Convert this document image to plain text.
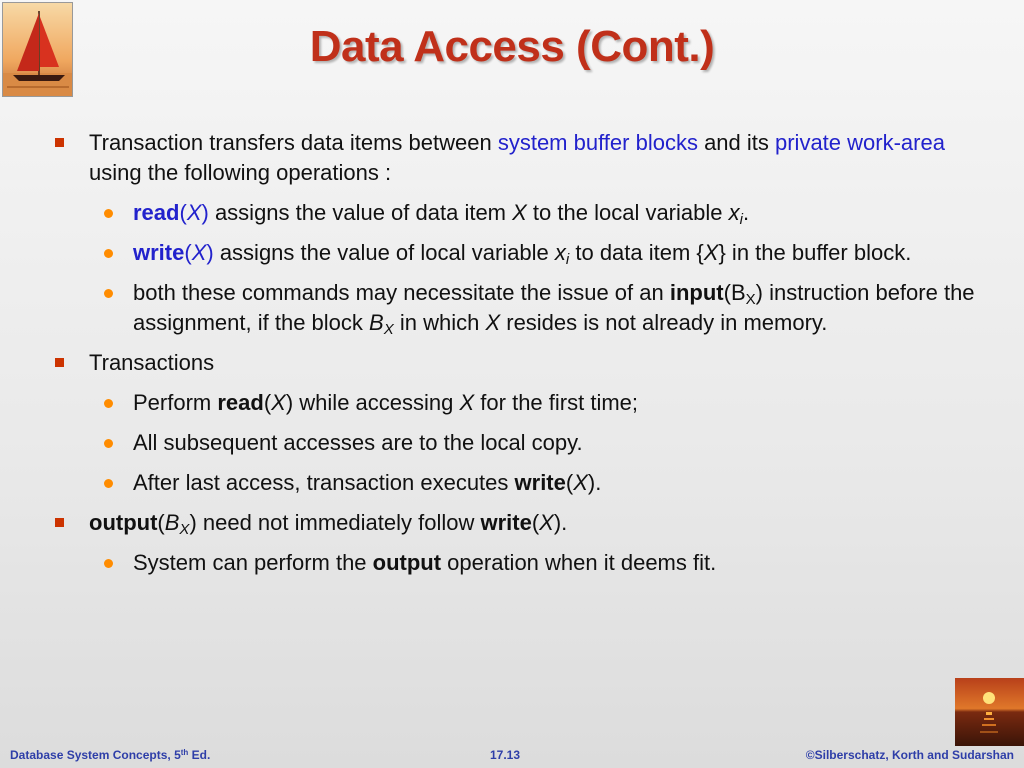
Data Access (Cont.)
Transaction transfers data items between system buffer blocks and its private work-area using the following operations :
read(X) assigns the value of data item X to the local variable $x_i$.
write(X) assigns the value of local variable $x_i$ to data item {X} in the buffer block.
both these commands may necessitate the issue of an $input(B_X)$ instruction before the assignment, if the block $B_X$ in which X resides is not already in memory.
Transactions
Perform read(X) while accessing X for the first time;
All subsequent accesses are to the local copy.
After last access, transaction executes write(X).
$output(B_X)$ need not immediately follow write(X).
System can perform the output operation when it deems fit.
Database System Concepts, 5th Ed.	17.13	©Silberschatz, Korth and Sudarshan
